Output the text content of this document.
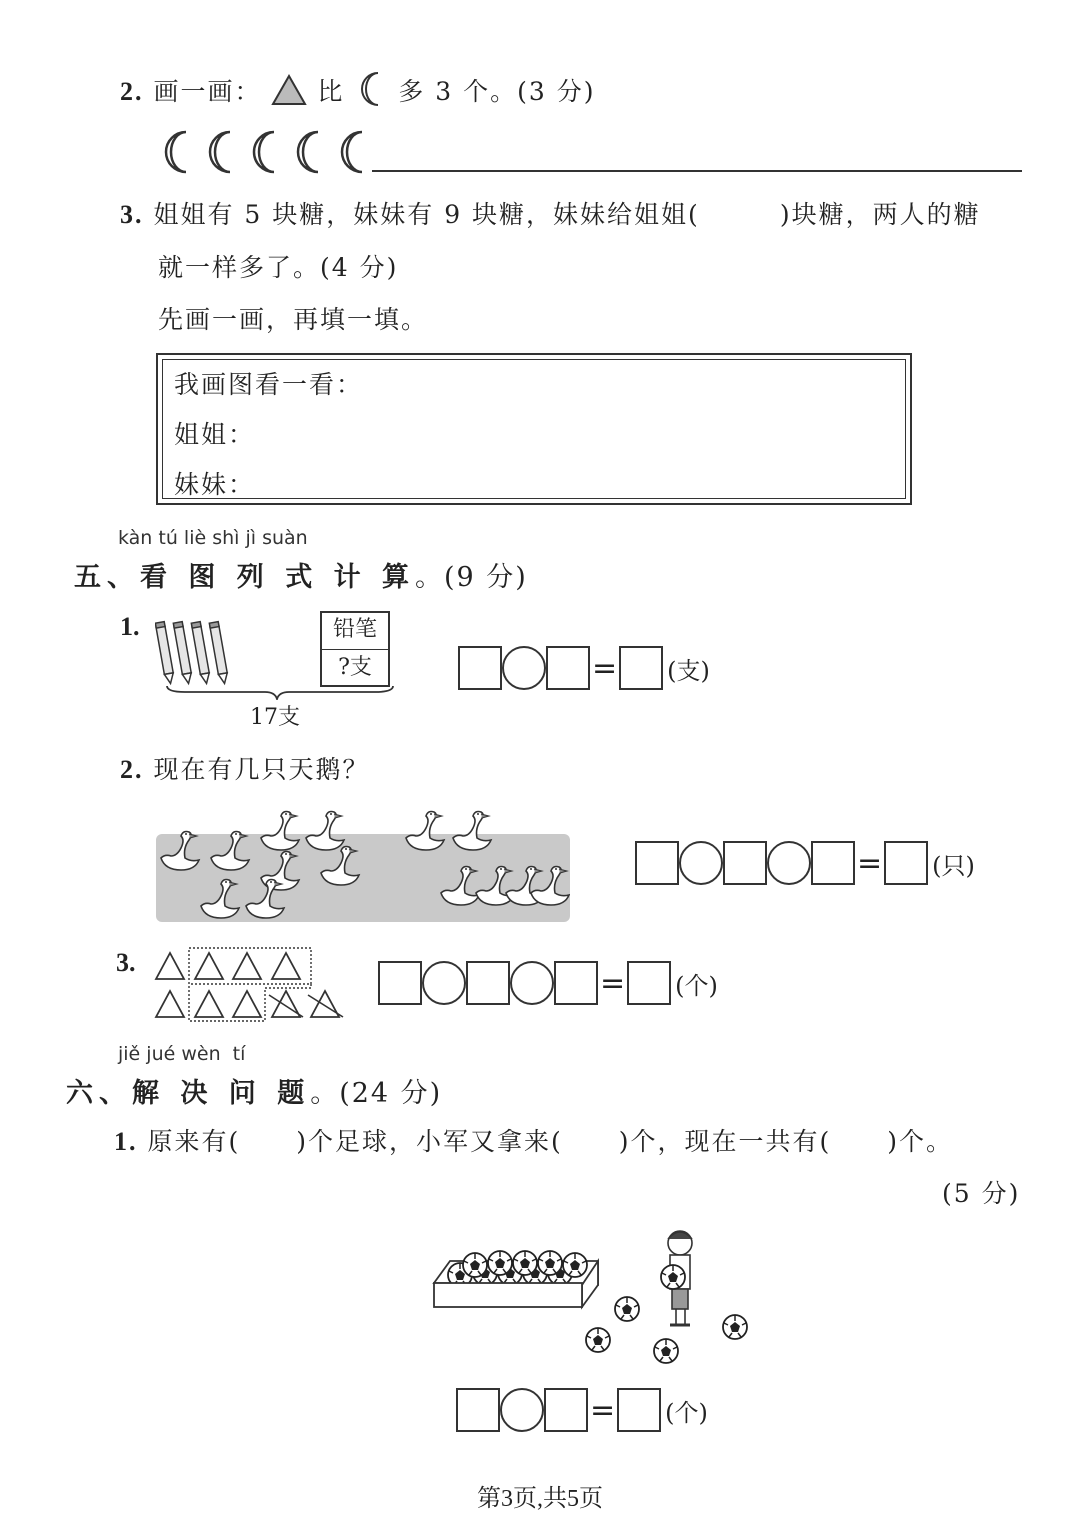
2. 画一画： 比 多 3 个。(3 分)
3. 姐姐有 5 块糖，妹妹有 9 块糖，妹妹给姐姐(	)块糖，两人的糖
就一样多了。(4 分)
先画一画，再填一填。
我画图看一看：
姐姐：
妹妹：
kàn tú liè shì jì suàn
五、看 图 列 式 计 算。(9 分)
1.	铅笔
?支
17支
= (支)
2. 现在有几只天鹅？
= (只)
3.
= (个)
jiě jué wèn  tí
六、解 决 问 题。(24 分)
1. 原来有( )个足球，小军又拿来( )个，现在一共有( )个。
(5 分)
= (个)
第3页,共5页
